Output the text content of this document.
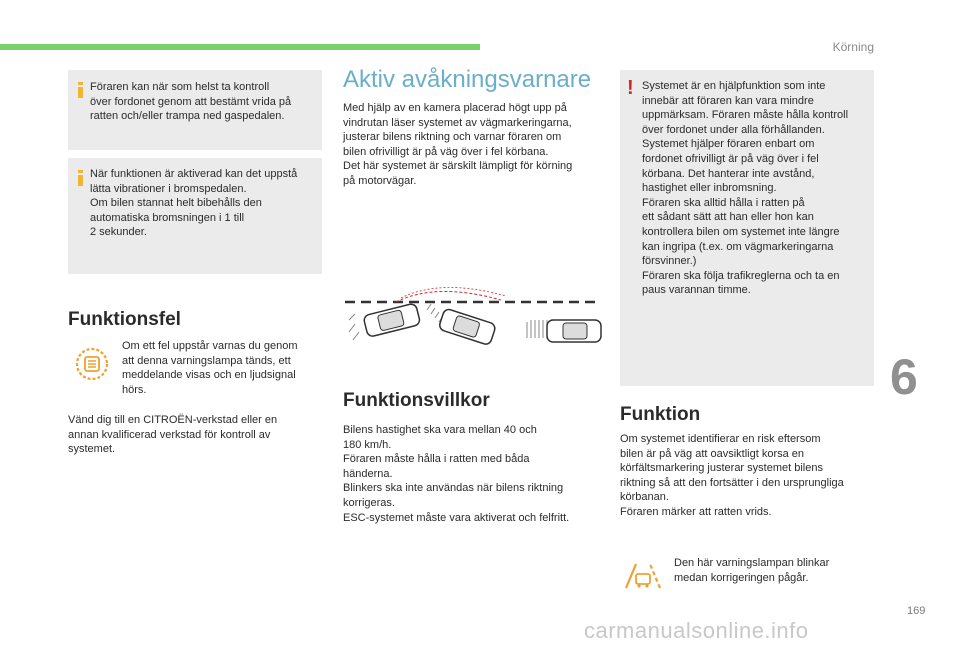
Körning
6
169
Föraren kan när som helst ta kontroll
över fordonet genom att bestämt vrida på
ratten och/eller trampa ned gaspedalen.
När funktionen är aktiverad kan det uppstå
lätta vibrationer i bromspedalen.
Om bilen stannat helt bibehålls den
automatiska bromsningen i 1 till
2 sekunder.
Funktionsfel
Om ett fel uppstår varnas du genom
att denna varningslampa tänds, ett
meddelande visas och en ljudsignal
hörs.
Vänd dig till en CITROËN-verkstad eller en
annan kvalificerad verkstad för kontroll av
systemet.
Aktiv avåkningsvarnare
Med hjälp av en kamera placerad högt upp på
vindrutan läser systemet av vägmarkeringarna,
justerar bilens riktning och varnar föraren om
bilen ofrivilligt är på väg över i fel körbana.
Det här systemet är särskilt lämpligt för körning
på motorvägar.
Funktionsvillkor
Bilens hastighet ska vara mellan 40 och
180 km/h.
Föraren måste hålla i ratten med båda
händerna.
Blinkers ska inte användas när bilens riktning
korrigeras.
ESC-systemet måste vara aktiverat och felfritt.
! Systemet är en hjälpfunktion som inte
innebär att föraren kan vara mindre
uppmärksam. Föraren måste hålla kontroll
över fordonet under alla förhållanden.
Systemet hjälper föraren enbart om
fordonet ofrivilligt är på väg över i fel
körbana. Det hanterar inte avstånd,
hastighet eller inbromsning.
Föraren ska alltid hålla i ratten på
ett sådant sätt att han eller hon kan
kontrollera bilen om systemet inte längre
kan ingripa (t.ex. om vägmarkeringarna
försvinner.)
Föraren ska följa trafikreglerna och ta en
paus varannan timme.
Funktion
Om systemet identifierar en risk eftersom
bilen är på väg att oavsiktligt korsa en
körfältsmarkering justerar systemet bilens
riktning så att den fortsätter i den ursprungliga
körbanan.
Föraren märker att ratten vrids.
Den här varningslampan blinkar
medan korrigeringen pågår.
carmanualsonline.info
